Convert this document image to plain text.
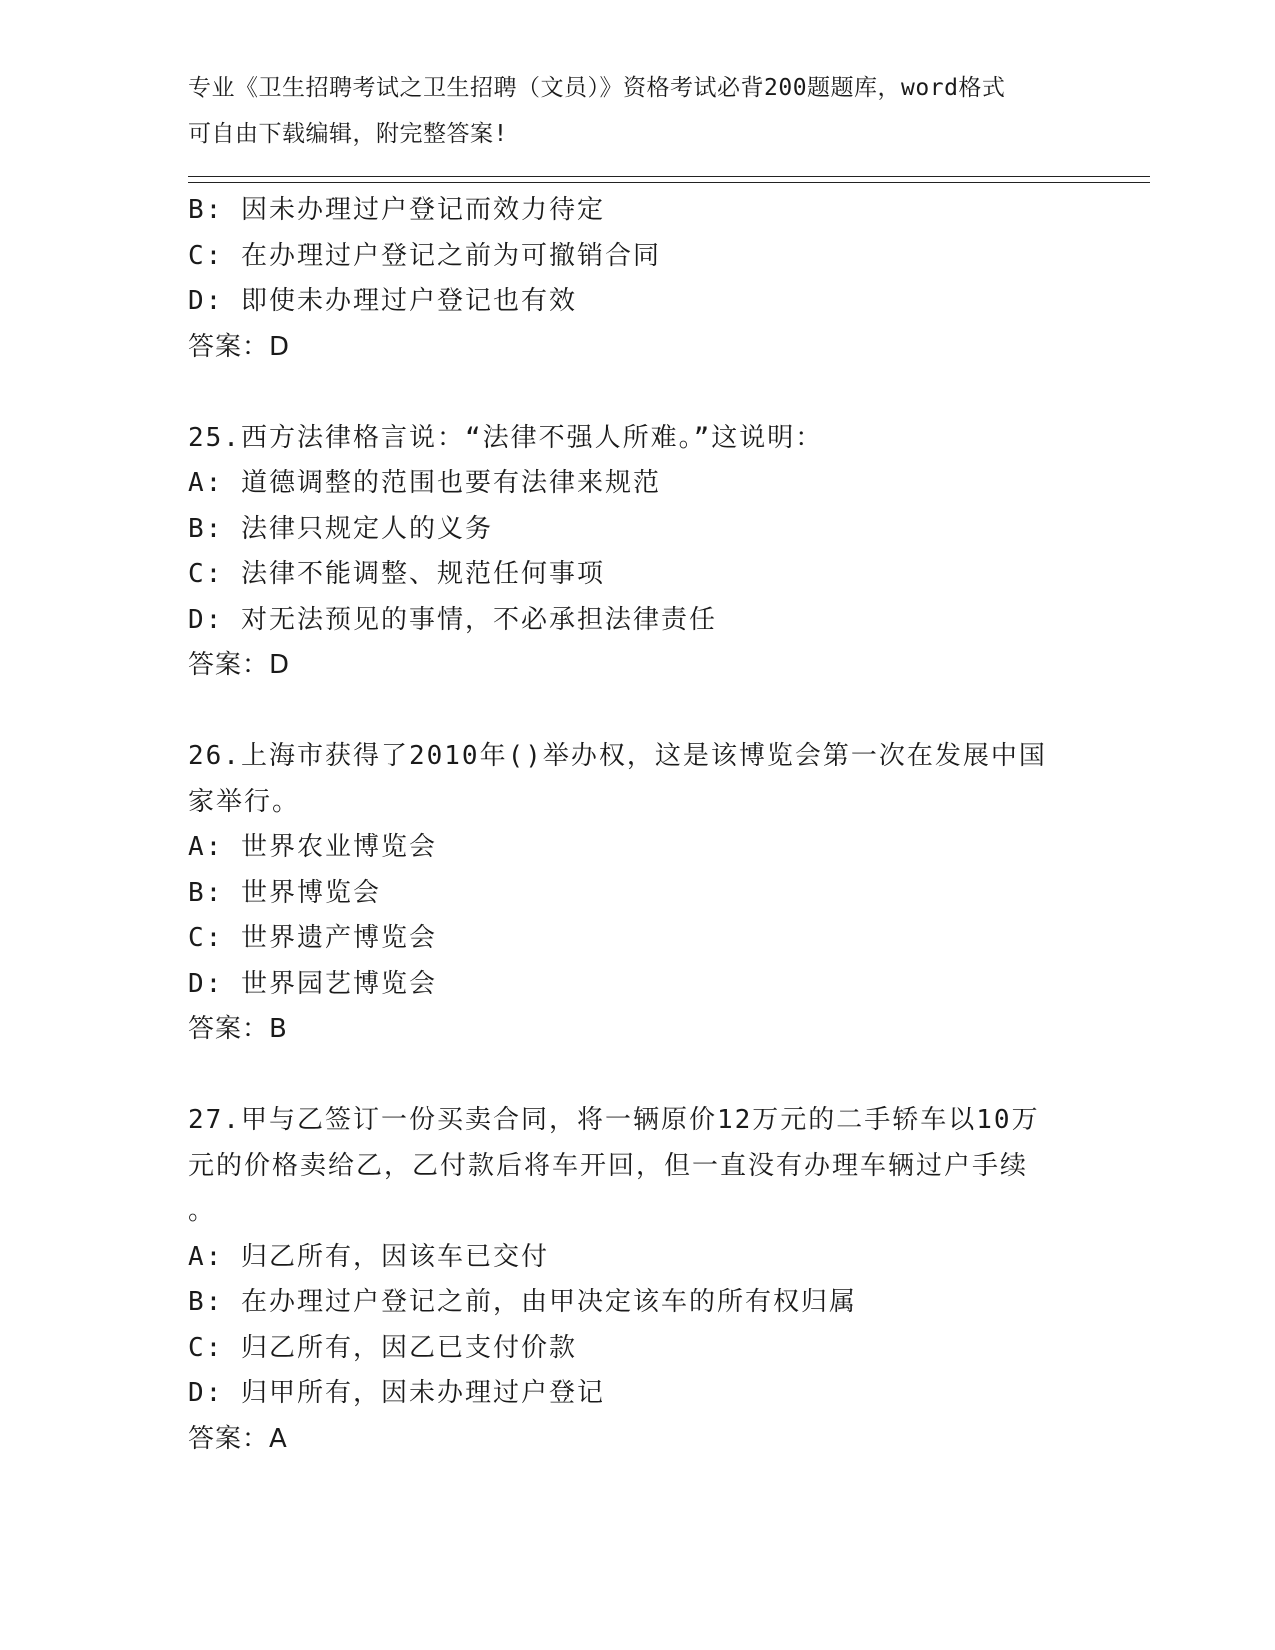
专业《卫生招聘考试之卫生招聘（文员）》资格考试必背200题题库，word格式
可自由下载编辑，附完整答案!
B: 因未办理过户登记而效力待定
C: 在办理过户登记之前为可撤销合同
D: 即使未办理过户登记也有效
答案：D
25.西方法律格言说：“法律不强人所难。”这说明：
A: 道德调整的范围也要有法律来规范
B: 法律只规定人的义务
C: 法律不能调整、规范任何事项
D: 对无法预见的事情，不必承担法律责任
答案：D
26.上海市获得了2010年()举办权，这是该博览会第一次在发展中国
家举行。
A: 世界农业博览会
B: 世界博览会
C: 世界遗产博览会
D: 世界园艺博览会
答案：B
27.甲与乙签订一份买卖合同，将一辆原价12万元的二手轿车以10万
元的价格卖给乙，乙付款后将车开回，但一直没有办理车辆过户手续
。
A: 归乙所有，因该车已交付
B: 在办理过户登记之前，由甲决定该车的所有权归属
C: 归乙所有，因乙已支付价款
D: 归甲所有，因未办理过户登记
答案：A
